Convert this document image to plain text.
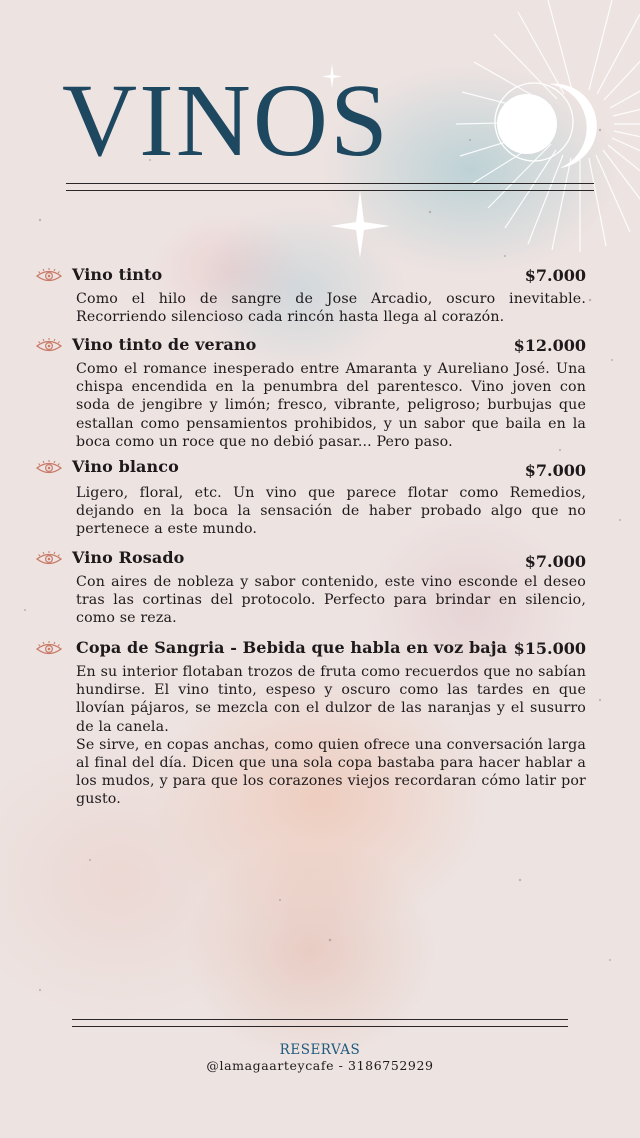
VINOS
Vino tinto	$7.000

Como el hilo de sangre de Jose Arcadio, oscuro inevitable. Recorriendo silencioso cada rincón hasta llega al corazón.

Vino tinto de verano	$12.000

Como el romance inesperado entre Amaranta y Aureliano José. Una chispa encendida en la penumbra del parentesco. Vino joven con soda de jengibre y limón; fresco, vibrante, peligroso; burbujas que estallan como pensamientos prohibidos, y un sabor que baila en la boca como un roce que no debió pasar... Pero paso.

Vino blanco	$7.000

Ligero, floral, etc. Un vino que parece flotar como Remedios, dejando en la boca la sensación de haber probado algo que no pertenece a este mundo.

Vino Rosado	$7.000

Con aires de nobleza y sabor contenido, este vino esconde el deseo tras las cortinas del protocolo. Perfecto para brindar en silencio, como se reza.

Copa de Sangria - Bebida que habla en voz baja $15.000

En su interior flotaban trozos de fruta como recuerdos que no sabían hundirse. El vino tinto, espeso y oscuro como las tardes en que llovían pájaros, se mezcla con el dulzor de las naranjas y el susurro de la canela.

Se sirve, en copas anchas, como quien ofrece una conversación larga al final del día. Dicen que una sola copa bastaba para hacer hablar a los mudos, y para que los corazones viejos recordaran cómo latir por gusto.

RESERVAS
@lamagaarteycafe - 3186752929
